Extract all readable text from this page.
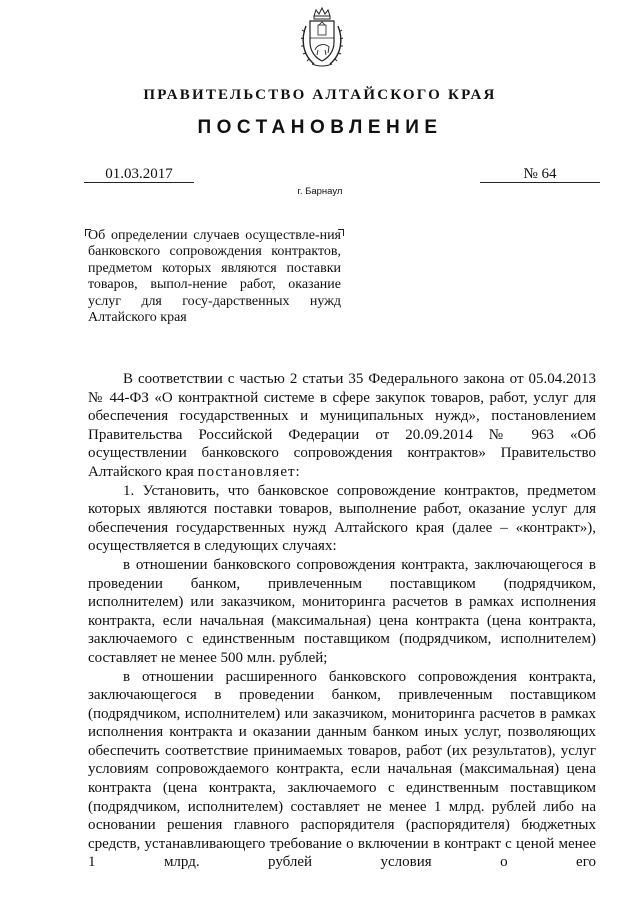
ПРАВИТЕЛЬСТВО АЛТАЙСКОГО КРАЯ
ПОСТАНОВЛЕНИЕ
01.03.2017	№ 64
г. Барнаул
Об определении случаев осуществле-ния банковского сопровождения контрактов, предметом которых являются поставки товаров, выпол-нение работ, оказание услуг для госу-дарственных нужд Алтайского края

В соответствии с частью 2 статьи 35 Федерального закона от 05.04.2013 № 44-ФЗ «О контрактной системе в сфере закупок товаров, работ, услуг для обеспечения государственных и муниципальных нужд», постановлением Правительства Российской Федерации от 20.09.2014 № 963 «Об осуществлении банковского сопровождения контрактов» Правительство Алтайского края постановляет:

1. Установить, что банковское сопровождение контрактов, предметом которых являются поставки товаров, выполнение работ, оказание услуг для обеспечения государственных нужд Алтайского края (далее – «контракт»), осуществляется в следующих случаях:

в отношении банковского сопровождения контракта, заключающегося в проведении банком, привлеченным поставщиком (подрядчиком, исполнителем) или заказчиком, мониторинга расчетов в рамках исполнения контракта, если начальная (максимальная) цена контракта (цена контракта, заключаемого с единственным поставщиком (подрядчиком, исполнителем) составляет не менее 500 млн. рублей;

в отношении расширенного банковского сопровождения контракта, заключающегося в проведении банком, привлеченным поставщиком (подрядчиком, исполнителем) или заказчиком, мониторинга расчетов в рамках исполнения контракта и оказании данным банком иных услуг, позволяющих обеспечить соответствие принимаемых товаров, работ (их результатов), услуг условиям сопровождаемого контракта, если начальная (максимальная) цена контракта (цена контракта, заключаемого с единственным поставщиком (подрядчиком, исполнителем) составляет не менее 1 млрд. рублей либо на основании решения главного распорядителя (распорядителя) бюджетных средств, устанавливающего требование о включении в контракт с ценой менее 1 млрд. рублей условия о его
